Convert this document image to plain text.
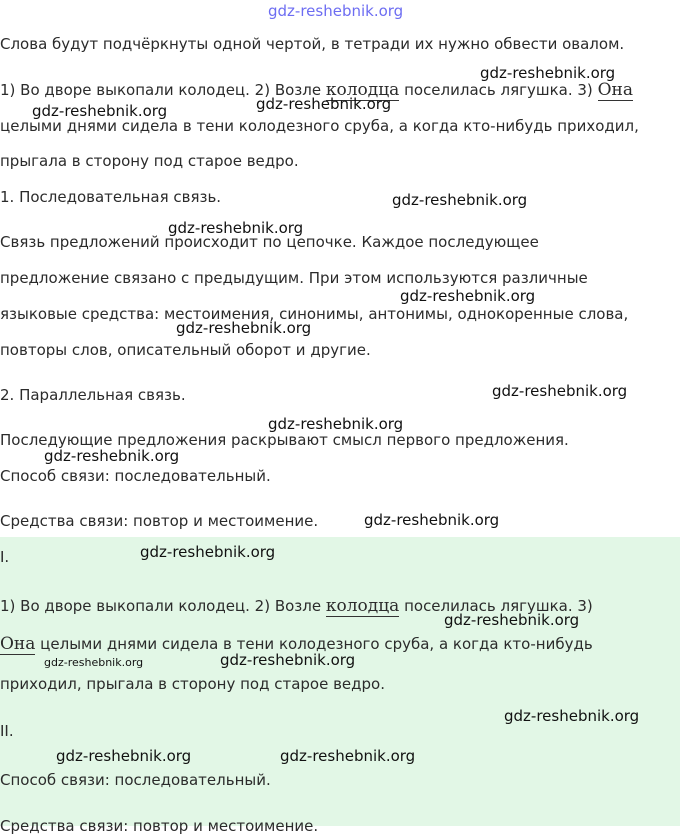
gdz-reshebnik.org
Слова будут подчёркнуты одной чертой, в тетради их нужно обвести овалом.
1) Во дворе выкопали колодец. 2) Возле колодца поселилась лягушка. 3) Она
целыми днями сидела в тени колодезного сруба, а когда кто-нибудь приходил,
прыгала в сторону под старое ведро.
1. Последовательная связь.
Связь предложений происходит по цепочке. Каждое последующее
предложение связано с предыдущим. При этом используются различные
языковые средства: местоимения, синонимы, антонимы, однокоренные слова,
повторы слов, описательный оборот и другие.
2. Параллельная связь.
Последующие предложения раскрывают смысл первого предложения.
Способ связи: последовательный.
Средства связи: повтор и местоимение.
I.
1) Во дворе выкопали колодец. 2) Возле колодца поселилась лягушка. 3)
Она целыми днями сидела в тени колодезного сруба, а когда кто-нибудь
приходил, прыгала в сторону под старое ведро.
II.
Способ связи: последовательный.
Средства связи: повтор и местоимение.
gdz-reshebnik.org
gdz-reshebnik.org	gdz-reshebnik.org
gdz-reshebnik.org
gdz-reshebnik.org
gdz-reshebnik.org
gdz-reshebnik.org
gdz-reshebnik.org
gdz-reshebnik.org
gdz-reshebnik.org
gdz-reshebnik.org
gdz-reshebnik.org
gdz-reshebnik.org
gdz-reshebnik.org	gdz-reshebnik.org
gdz-reshebnik.org
gdz-reshebnik.org	gdz-reshebnik.org
